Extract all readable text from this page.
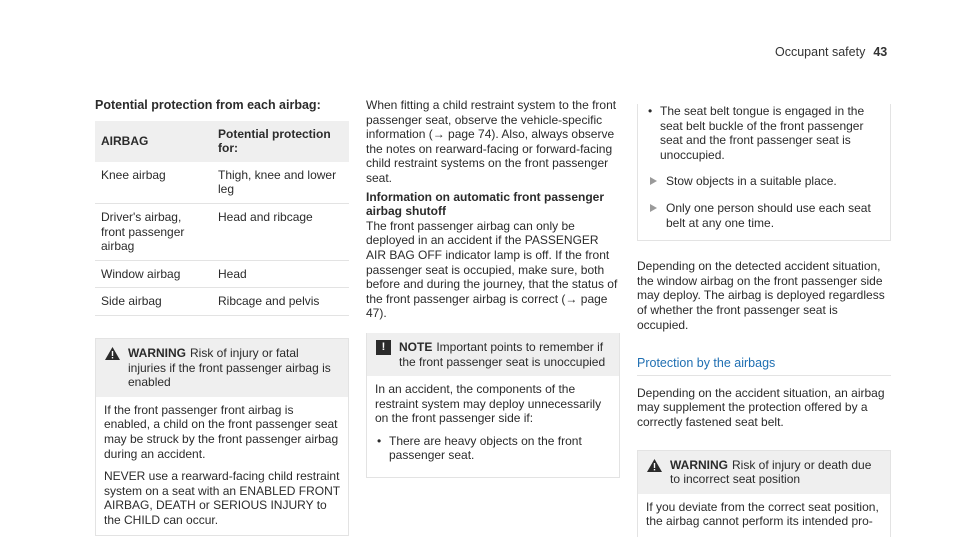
Occupant safety 43
Potential protection from each airbag:
AIRBAG	Potential protection for:
Knee airbag	Thigh, knee and lower leg
Driver's airbag, front passenger airbag	Head and ribcage
Window airbag	Head
Side airbag	Ribcage and pelvis
WARNING Risk of injury or fatal injuries if the front passenger airbag is enabled

If the front passenger front airbag is enabled, a child on the front passenger seat may be struck by the front passenger airbag during an accident.

NEVER use a rearward-facing child restraint system on a seat with an ENABLED FRONT AIRBAG, DEATH or SERIOUS INJURY to the CHILD can occur.

When fitting a child restraint system to the front passenger seat, observe the vehicle-specific information (→ page 74). Also, always observe the notes on rearward-facing or forward-facing child restraint systems on the front passenger seat.

Information on automatic front passenger airbag shutoff

The front passenger airbag can only be deployed in an accident if the PASSENGER AIR BAG OFF indicator lamp is off. If the front passenger seat is occupied, make sure, both before and during the journey, that the status of the front passenger airbag is correct (→ page 47).

!	NOTE Important points to remember if the front passenger seat is unoccupied

In an accident, the components of the restraint system may deploy unnecessarily on the front passenger side if:

• There are heavy objects on the front passenger seat.
• The seat belt tongue is engaged in the seat belt buckle of the front passenger seat and the front passenger seat is unoccupied.
Stow objects in a suitable place.
Only one person should use each seat belt at any one time.

Depending on the detected accident situation, the window airbag on the front passenger side may deploy. The airbag is deployed regardless of whether the front passenger seat is occupied.

Protection by the airbags

Depending on the accident situation, an airbag may supplement the protection offered by a correctly fastened seat belt.

WARNING Risk of injury or death due to incorrect seat position

If you deviate from the correct seat position, the airbag cannot perform its intended pro-
